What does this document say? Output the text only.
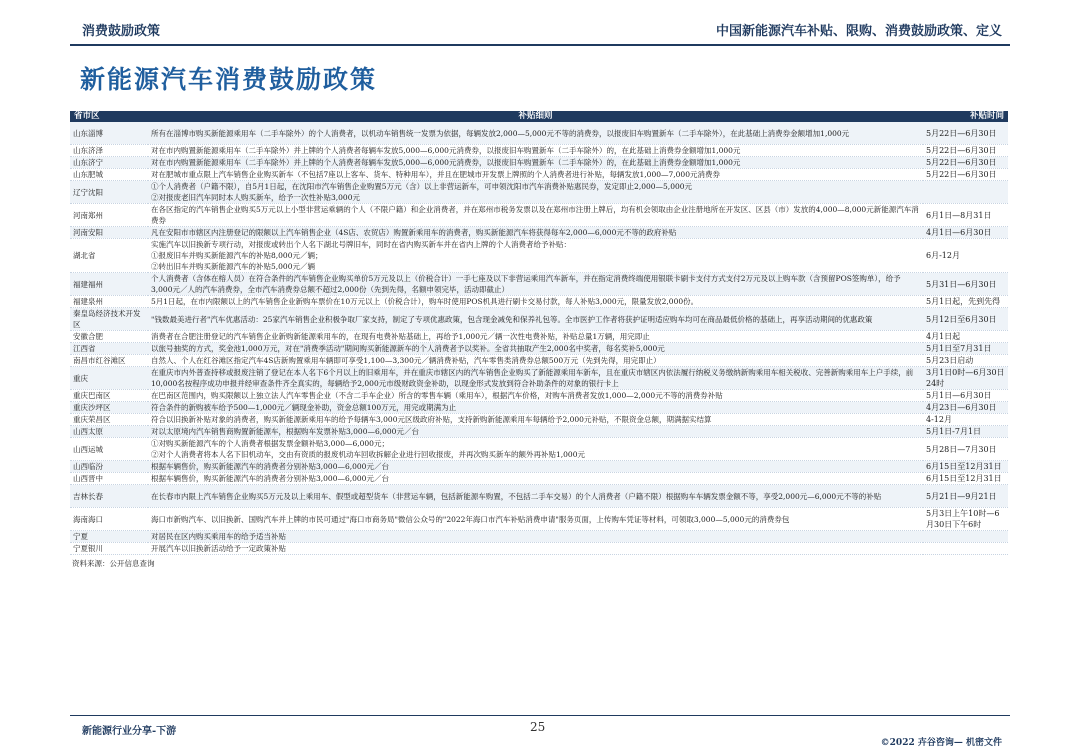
消费鼓励政策	中国新能源汽车补贴、限购、消费鼓励政策、定义
新能源汽车消费鼓励政策
省市区	补贴细则	补贴时间
山东淄博	所有在淄博市购买新能源乘用车（二手车除外）的个人消费者，以机动车销售统一发票为依据，每辆发放2,000—5,000元不等的消费券，以报废旧车购置新车（二手车除外），在此基础上消费券金额增加1,000元	5月22日—6月30日
山东济泽	对在市内购置新能源乘用车（二手车除外）并上牌的个人消费者每辆车发放5,000—6,000元消费券，以报废旧车购置新车（二手车除外）的，在此基础上消费券金额增加1,000元	5月22日—6月30日
山东济宁	对在市内购置新能源乘用车（二手车除外）并上牌的个人消费者每辆车发放5,000—6,000元消费券，以报废旧车购置新车（二手车除外）的，在此基础上消费券金额增加1,000元	5月22日—6月30日
山东肥城	对在肥城市重点限上汽车销售企业购买新车（不包括7座以上客车、货车、特种用车），并且在肥城市开发票上牌照的个人消费者进行补贴，每辆发放1,000—7,000元消费券	5月22日—6月30日
辽宁沈阳	①个人消费者（户籍不限），自5月1日起，在沈阳市汽车销售企业购置5万元（含）以上非营运新车，可申领沈阳市汽车消费补贴惠民券，发定即止2,000—5,000元
②对报废老旧汽车同时本人购买新车，给予一次性补贴3,000元	
河南郑州	在各区指定的汽车销售企业购买5万元以上小型非营运乘辆的个人（不限户籍）和企业消费者，并在郑州市税务发票以及在郑州市注册上牌后，均有机会领取由企业注册地所在开发区、区县（市）发放的4,000—8,000元新能源汽车消费券	6月1日—8月31日
河南安阳	凡在安阳市市辖区内注册登记的限额以上汽车销售企业（4S店、农贸店）购置新乘用车的消费者，购买新能源汽车将获得每车2,000—6,000元不等的政府补贴	4月1日—6月30日
湖北省	实施汽车以旧换新专项行动，对报废或转出个人名下湖北号牌旧车，同时在省内购买新车并在省内上牌的个人消费者给予补贴：
①报废旧车并购买新能源汽车的补贴8,000元／辆；
②转出旧车并购买新能源汽车的补贴5,000元／辆	6月-12月
福建福州	个人消费者（含体在榕人员）在符合条件的汽车销售企业购买单价5万元及以上（价税合计）一手七座及以下非营运乘用汽车新车，并在指定消费终端使用银联卡刷卡支付方式支付2万元及以上购车款（含预留POS签购单），给予3,000元／人的汽车消费券，全市汽车消费券总额不超过2,000份（先到先得，名额申领完毕，活动即截止）	5月31日—6月30日
福建泉州	5月1日起，在市内限额以上的汽车销售企业新购车票价在10万元以上（价税合计），购车时使用POS机具进行刷卡交易付款，每人补贴3,000元，限量发放2,000份。	5月1日起，先到先得
秦皇岛经济技术开发区	"钱数最美进行者"汽车优惠活动：25家汽车销售企业积极争取厂家支持，制定了专项优惠政策，包含现金减免和保养礼包等。全市医护工作者将获护证明适应购车均可在商品最低价格的基础上，再享活动期间的优惠政策	5月12日至6月30日
安徽合肥	消费者在合肥注册登记的汽车销售企业新购新能源乘用车的，在现有电费补贴基础上，再给予1,000元／辆一次性电费补贴，补贴总量1万辆，用完即止	4月1日起
江西省	以旅号抽奖的方式，奖金池1,000万元，对在"消费季活动"期间购买新能源新车的个人消费者予以奖补。全省共抽取产生2,000名中奖者，每名奖补5,000元	5月1日至7月31日
南昌市红谷滩区	自然人、个人在红谷滩区指定汽车4S店新购置乘用车辆即可享受1,100—3,300元／辆消费补贴，汽车零售类消费券总额500万元（先到先得，用完即止）	5月23日启动
重庆	在重庆市内外普查持移或报废注销了登记在本人名下6个月以上的旧乘用车，并在重庆市辖区内的汽车销售企业购买了新能源乘用车新车，且在重庆市辖区内依法履行纳税义务缴纳新购乘用车相关税收、完善新购乘用车上户手续，前10,000名按程序成功申报并经审查条件齐全真实的，每辆给予2,000元市级财政资金补助，以现金形式发放到符合补助条件的对象的银行卡上	3月1日0时—6月30日24时
重庆巴南区	在巴南区范围内，购买限额以上独立法人汽车零售企业（不含二手车企业）所含的零售车辆（乘用车），根据汽车价格，对购车消费者发放1,000—2,000元不等的消费券补贴	5月1日—6月30日
重庆沙坪区	符合条件的新购被车给予500—1,000元／辆现金补助，资金总额100万元，用完或期满为止	4月23日—6月30日
重庆荣昌区	符合以旧换新补贴对象的消费者，购买新能源新乘用车的给予每辆车3,000元区级政府补贴，支持新购新能源乘用车每辆给予2,000元补贴，不限资金总额，期满据实结算	4-12月
山西太原	对以太原境内汽车销售商购置新能源车，根据购车发票补贴3,000—6,000元／台	5月1日-7月1日
山西运城	①对购买新能源汽车的个人消费者根据发票金额补贴3,000—6,000元；
②对个人消费者将本人名下旧机动车，交由有资质的报废机动车回收拆解企业进行回收报废，并再次购买新车的额外再补贴1,000元	5月28日—7月30日
山西临汾	根据车辆售价，购买新能源汽车的消费者分别补贴3,000—6,000元／台	6月15日至12月31日
山西晋中	根据车辆售价，购买新能源汽车的消费者分别补贴3,000—6,000元／台	6月15日至12月31日
吉林长春	在长春市内限上汽车销售企业购买5万元及以上乘用车、假型或超型货车（非营运车辆，包括新能源车购置，不包括二手车交易）的个人消费者（户籍不限）根据购车车辆发票金额不等，享受2,000元—6,000元不等的补贴	5月21日—9月21日
海南海口	海口市新购汽车、以旧换新、国购汽车并上牌的市民可通过"海口市商务局"微信公众号的"2022年海口市汽车补贴消费申请"服务页面，上传购车凭证等材料，可领取3,000—5,000元的消费券包	5月3日上午10时—6月30日下午6时
宁夏	对居民在区内购买乘用车的给予适当补贴	
宁夏银川	开展汽车以旧换新活动给予一定政策补贴	
资料来源：公开信息查询
新能源行业分享-下游	25
©2022 卉谷咨询— 机密文件
